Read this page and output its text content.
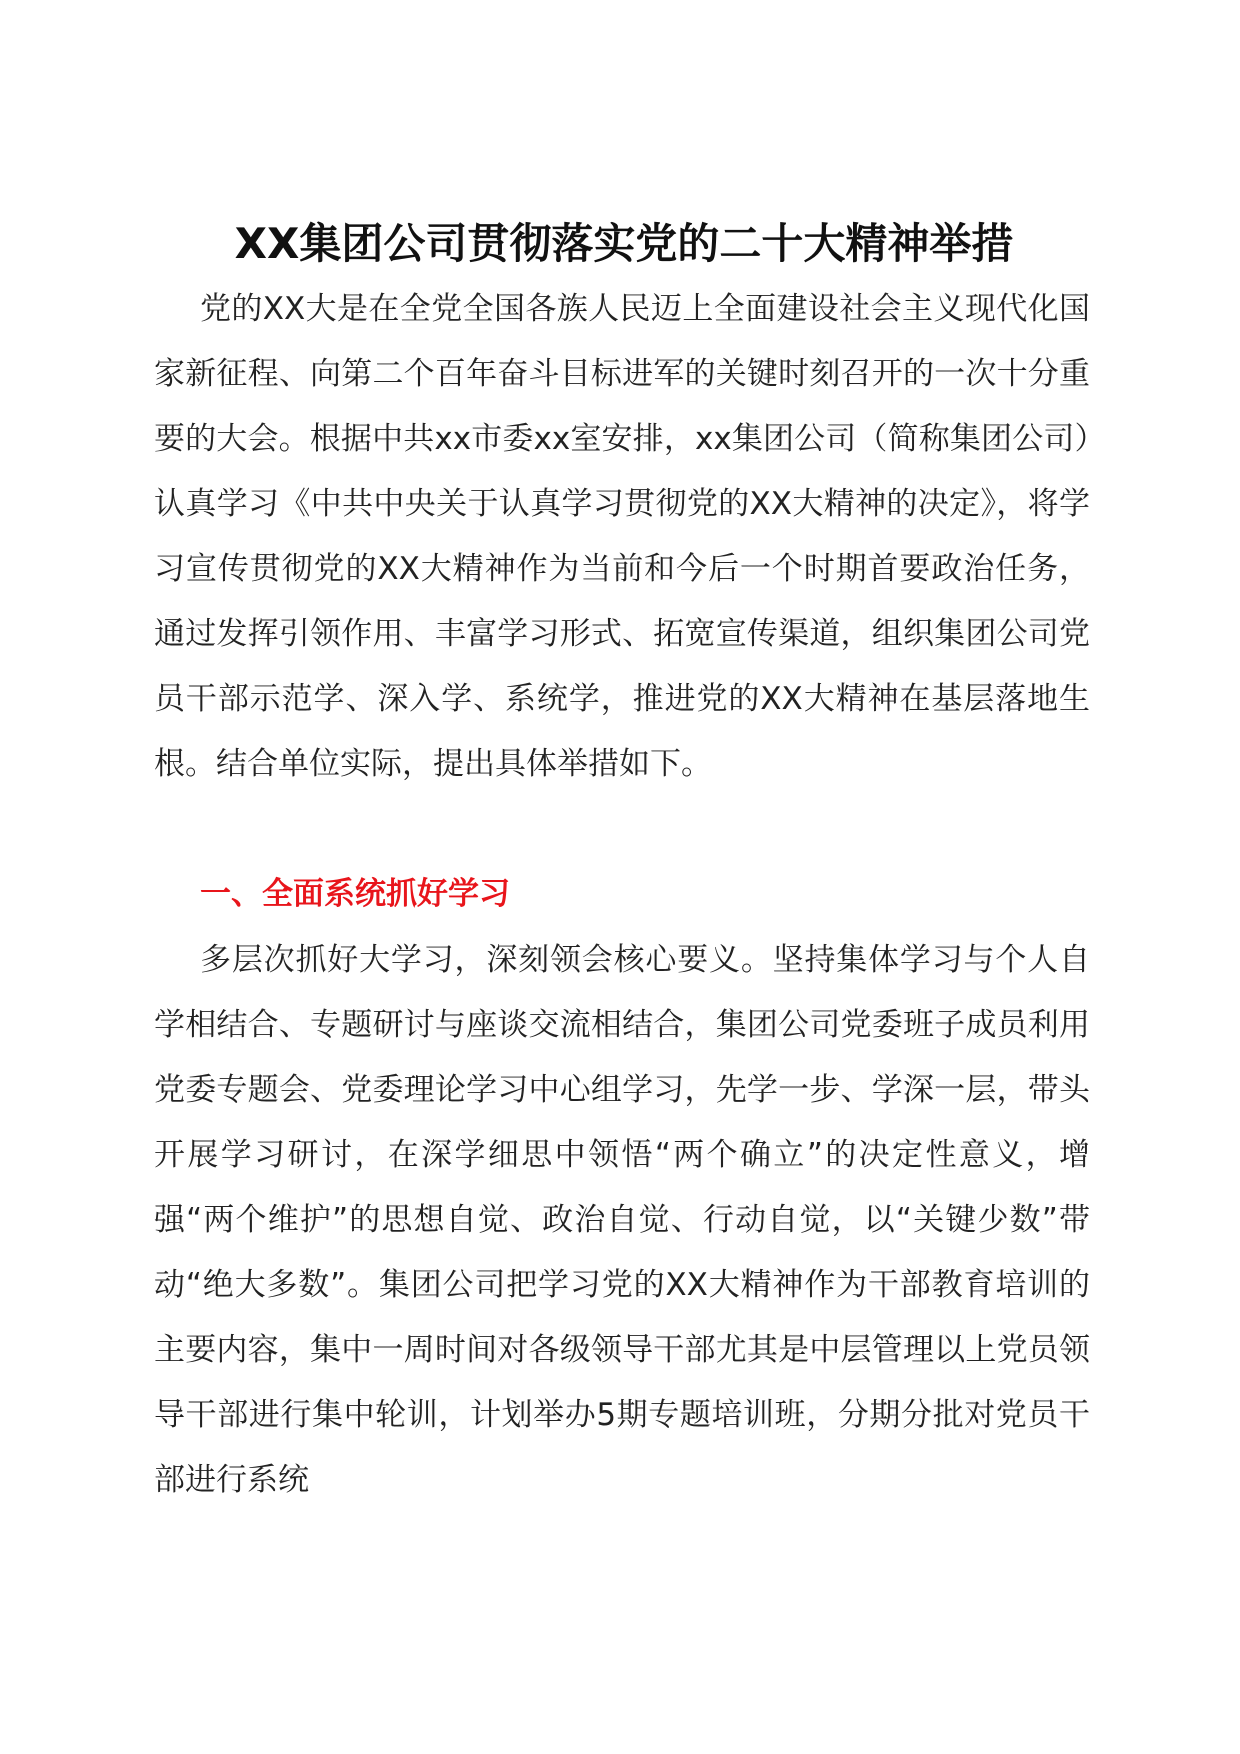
XX集团公司贯彻落实党的二十大精神举措

党的XX大是在全党全国各族人民迈上全面建设社会主义现代化国家新征程、向第二个百年奋斗目标进军的关键时刻召开的一次十分重要的大会。根据中共xx市委xx室安排，xx集团公司（简称集团公司）认真学习《中共中央关于认真学习贯彻党的XX大精神的决定》，将学习宣传贯彻党的XX大精神作为当前和今后一个时期首要政治任务，通过发挥引领作用、丰富学习形式、拓宽宣传渠道，组织集团公司党员干部示范学、深入学、系统学，推进党的XX大精神在基层落地生根。结合单位实际，提出具体举措如下。

一、全面系统抓好学习

多层次抓好大学习，深刻领会核心要义。坚持集体学习与个人自学相结合、专题研讨与座谈交流相结合，集团公司党委班子成员利用党委专题会、党委理论学习中心组学习，先学一步、学深一层，带头开展学习研讨，在深学细思中领悟“两个确立”的决定性意义，增强“两个维护”的思想自觉、政治自觉、行动自觉，以“关键少数”带动“绝大多数”。集团公司把学习党的XX大精神作为干部教育培训的主要内容，集中一周时间对各级领导干部尤其是中层管理以上党员领导干部进行集中轮训，计划举办5期专题培训班，分期分批对党员干部进行系统
